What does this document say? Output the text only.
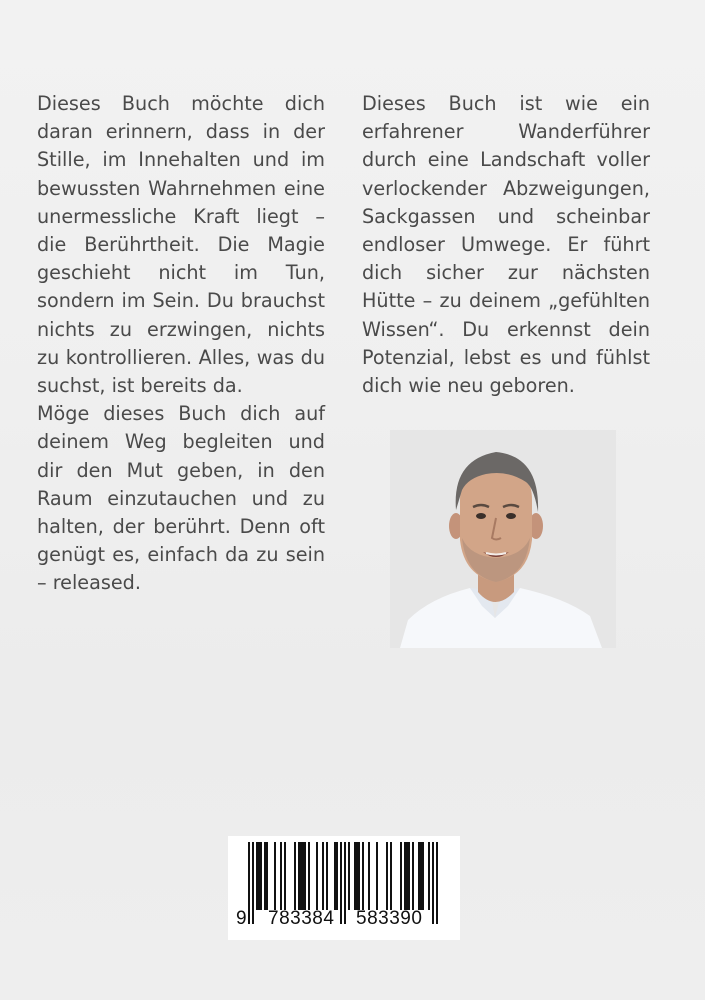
Dieses Buch möchte dich daran erinnern, dass in der Stille, im Innehalten und im bewussten Wahrnehmen eine unermessliche Kraft liegt – die Berührtheit. Die Magie geschieht nicht im Tun, sondern im Sein. Du brauchst nichts zu erzwingen, nichts zu kontrollieren. Alles, was du suchst, ist bereits da.

Möge dieses Buch dich auf deinem Weg begleiten und dir den Mut geben, in den Raum einzutauchen und zu halten, der berührt. Denn oft genügt es, einfach da zu sein – released.

Dieses Buch ist wie ein erfahrener Wanderführer durch eine Landschaft voller verlockender Abzweigungen, Sackgassen und scheinbar endloser Umwege. Er führt dich sicher zur nächsten Hütte – zu deinem „gefühlten Wissen“. Du erkennst dein Potenzial, lebst es und fühlst dich wie neu geboren.

9 783384 583390
